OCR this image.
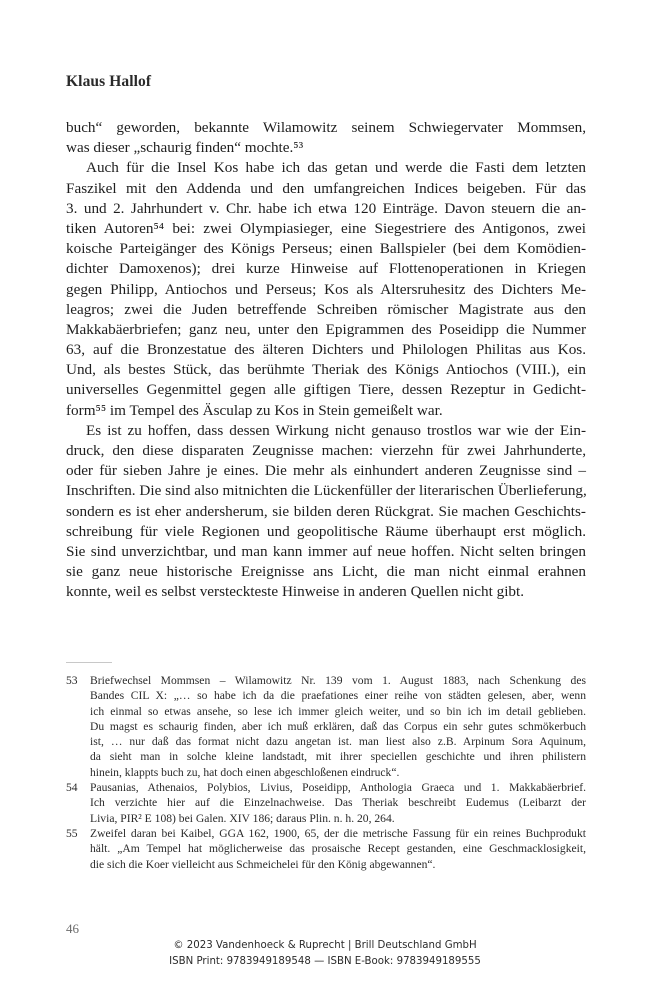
Klaus Hallof
buch“ geworden, bekannte Wilamowitz seinem Schwiegervater Mommsen,
was dieser „schaurig finden“ mochte.⁵³
Auch für die Insel Kos habe ich das getan und werde die Fasti dem letzten
Faszikel mit den Addenda und den umfangreichen Indices beigeben. Für das
3. und 2. Jahrhundert v. Chr. habe ich etwa 120 Einträge. Davon steuern die an-
tiken Autoren⁵⁴ bei: zwei Olympiasieger, eine Siegestriere des Antigonos, zwei
koische Parteigänger des Königs Perseus; einen Ballspieler (bei dem Komödien-
dichter Damoxenos); drei kurze Hinweise auf Flottenoperationen in Kriegen
gegen Philipp, Antiochos und Perseus; Kos als Altersruhesitz des Dichters Me-
leagros; zwei die Juden betreffende Schreiben römischer Magistrate aus den
Makkabäerbriefen; ganz neu, unter den Epigrammen des Poseidipp die Nummer
63, auf die Bronzestatue des älteren Dichters und Philologen Philitas aus Kos.
Und, als bestes Stück, das berühmte Theriak des Königs Antiochos (VIII.), ein
universelles Gegenmittel gegen alle giftigen Tiere, dessen Rezeptur in Gedicht-
form⁵⁵ im Tempel des Äsculap zu Kos in Stein gemeißelt war.
Es ist zu hoffen, dass dessen Wirkung nicht genauso trostlos war wie der Ein-
druck, den diese disparaten Zeugnisse machen: vierzehn für zwei Jahrhunderte,
oder für sieben Jahre je eines. Die mehr als einhundert anderen Zeugnisse sind –
Inschriften. Die sind also mitnichten die Lückenfüller der literarischen Überlieferung,
sondern es ist eher andersherum, sie bilden deren Rückgrat. Sie machen Geschichts-
schreibung für viele Regionen und geopolitische Räume überhaupt erst möglich.
Sie sind unverzichtbar, und man kann immer auf neue hoffen. Nicht selten bringen
sie ganz neue historische Ereignisse ans Licht, die man nicht einmal erahnen
konnte, weil es selbst versteckteste Hinweise in anderen Quellen nicht gibt.
53	Briefwechsel Mommsen – Wilamowitz Nr. 139 vom 1. August 1883, nach Schenkung des
Bandes CIL X: „… so habe ich da die praefationes einer reihe von städten gelesen, aber, wenn
ich einmal so etwas ansehe, so lese ich immer gleich weiter, und so bin ich im detail geblieben.
Du magst es schaurig finden, aber ich muß erklären, daß das Corpus ein sehr gutes schmökerbuch
ist, … nur daß das format nicht dazu angetan ist. man liest also z.B. Arpinum Sora Aquinum,
da sieht man in solche kleine landstadt, mit ihrer speciellen geschichte und ihren philistern
hinein, klappts buch zu, hat doch einen abgeschloßenen eindruck“.
54	Pausanias, Athenaios, Polybios, Livius, Poseidipp, Anthologia Graeca und 1. Makkabäerbrief.
Ich verzichte hier auf die Einzelnachweise. Das Theriak beschreibt Eudemus (Leibarzt der
Livia, PIR² E 108) bei Galen. XIV 186; daraus Plin. n. h. 20, 264.
55	Zweifel daran bei Kaibel, GGA 162, 1900, 65, der die metrische Fassung für ein reines Buchprodukt
hält. „Am Tempel hat möglicherweise das prosaische Recept gestanden, eine Geschmacklosigkeit,
die sich die Koer vielleicht aus Schmeichelei für den König abgewannen“.
46
© 2023 Vandenhoeck & Ruprecht | Brill Deutschland GmbH
ISBN Print: 9783949189548 — ISBN E-Book: 9783949189555
